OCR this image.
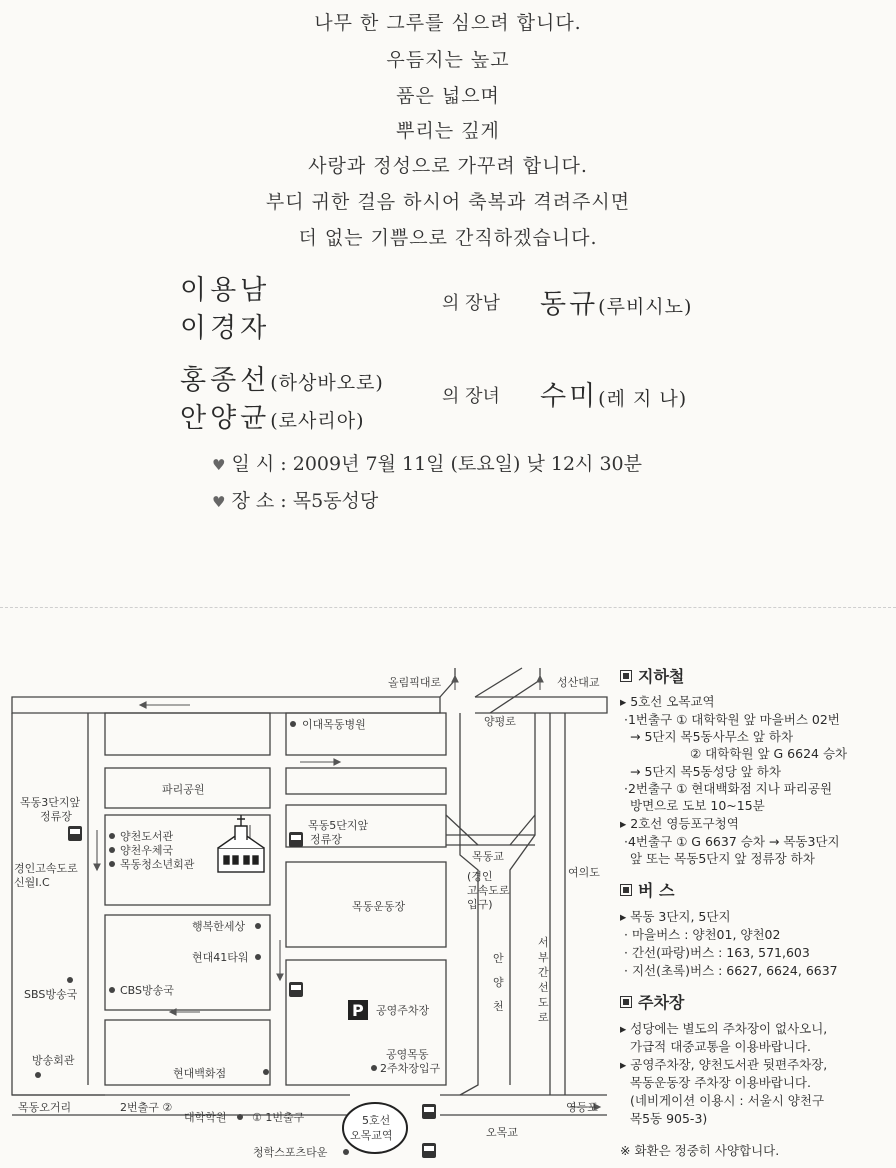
나무 한 그루를 심으려 합니다.
우듬지는 높고
품은 넓으며
뿌리는 깊게
사랑과 정성으로 가꾸려 합니다.
부디 귀한 걸음 하시어 축복과 격려주시면
더 없는 기쁨으로 간직하겠습니다.
이용남
이경자
의 장남 동규(루비시노)
홍종선(하상바오로)
안양균(로사리아)
의 장녀 수미(레 지 나)
♥ 일 시 : 2009년 7월 11일 (토요일) 낮 12시 30분
♥ 장 소 : 목5동성당
올림픽대로	성산대교
이대목동병원	양평로
파리공원
목동3단지앞
정류장
양천도서관
양천우체국
목동청소년회관
목동5단지앞
정류장
목동교
여의도
경인고속도로
신월I.C	(경인
고속도로
입구)
목동운동장
행복한세상
현대41타워
SBS방송국	CBS방송국
안
양
천
서
부
간
선
도
로
공영주차장
공영목동
2주차장입구
방송회관
현대백화점
목동오거리	2번출구 ②
대학학원 ① 1번출구	5호선
오목교역
영등포
오목교
청학스포츠타운
P
지하철
▸ 5호선 오목교역
·1번출구 ① 대학학원 앞 마을버스 02번
→ 5단지 목5동사무소 앞 하차
② 대학학원 앞 G 6624 승차
→ 5단지 목5동성당 앞 하차
·2번출구 ① 현대백화점 지나 파리공원
방면으로 도보 10~15분
▸ 2호선 영등포구청역
·4번출구 ① G 6637 승차 → 목동3단지
앞 또는 목동5단지 앞 정류장 하차
버 스
▸ 목동 3단지, 5단지
· 마을버스 : 양천01, 양천02
· 간선(파랑)버스 : 163, 571,603
· 지선(초록)버스 : 6627, 6624, 6637
주차장
▸ 성당에는 별도의 주차장이 없사오니,
가급적 대중교통을 이용바랍니다.
▸ 공영주차장, 양천도서관 뒷편주차장,
목동운동장 주차장 이용바랍니다.
(네비게이션 이용시 : 서울시 양천구
목5동 905-3)
※ 화환은 정중히 사양합니다.
